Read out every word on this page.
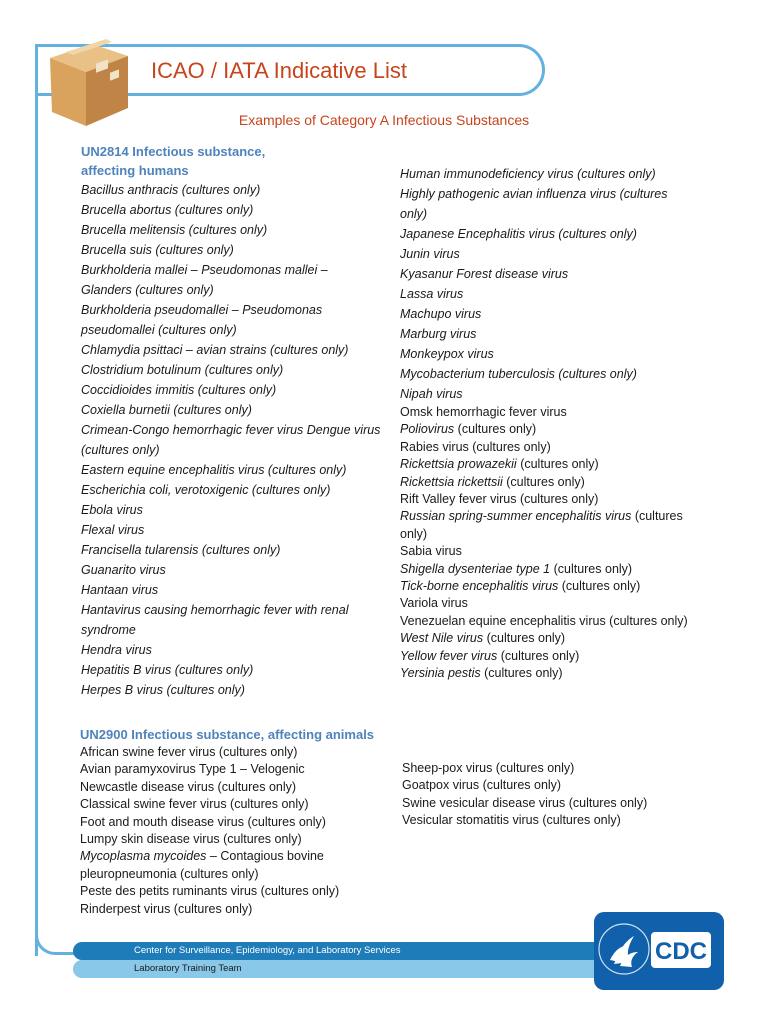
ICAO / IATA Indicative List

Examples of Category A Infectious Substances

UN2814 Infectious substance,

affecting humans

Bacillus anthracis (cultures only)

Brucella abortus (cultures only)

Brucella melitensis (cultures only)

Brucella suis (cultures only)

Burkholderia mallei – Pseudomonas mallei –

Glanders (cultures only)

Burkholderia pseudomallei – Pseudomonas

pseudomallei (cultures only)

Chlamydia psittaci – avian strains (cultures only)

Clostridium botulinum (cultures only)

Coccidioides immitis (cultures only)

Coxiella burnetii (cultures only)

Crimean-Congo hemorrhagic fever virus Dengue virus

(cultures only)

Eastern equine encephalitis virus (cultures only)

Escherichia coli, verotoxigenic (cultures only)

Ebola virus

Flexal virus

Francisella tularensis (cultures only)

Guanarito virus

Hantaan virus

Hantavirus causing hemorrhagic fever with renal

syndrome

Hendra virus

Hepatitis B virus (cultures only)

Herpes B virus (cultures only)

Human immunodeficiency virus (cultures only)

Highly pathogenic avian influenza virus (cultures

only)

Japanese Encephalitis virus (cultures only)

Junin virus

Kyasanur Forest disease virus

Lassa virus

Machupo virus

Marburg virus

Monkeypox virus

Mycobacterium tuberculosis (cultures only)

Nipah virus

Omsk hemorrhagic fever virus

Poliovirus (cultures only)

Rabies virus (cultures only)

Rickettsia prowazekii (cultures only)

Rickettsia rickettsii (cultures only)

Rift Valley fever virus (cultures only)

Russian spring-summer encephalitis virus (cultures

only)

Sabia virus

Shigella dysenteriae type 1 (cultures only)

Tick-borne encephalitis virus (cultures only)

Variola virus

Venezuelan equine encephalitis virus (cultures only)

West Nile virus (cultures only)

Yellow fever virus (cultures only)

Yersinia pestis (cultures only)

UN2900 Infectious substance, affecting animals

African swine fever virus (cultures only)

Avian paramyxovirus Type 1 – Velogenic

Newcastle disease virus (cultures only)

Classical swine fever virus (cultures only)

Foot and mouth disease virus (cultures only)

Lumpy skin disease virus (cultures only)

Mycoplasma mycoides – Contagious bovine

pleuropneumonia (cultures only)

Peste des petits ruminants virus (cultures only)

Rinderpest virus (cultures only)

Sheep-pox virus (cultures only)

Goatpox virus (cultures only)

Swine vesicular disease virus (cultures only)

Vesicular stomatitis virus (cultures only)

Center for Surveillance, Epidemiology, and Laboratory Services
Laboratory Training Team
CDC
